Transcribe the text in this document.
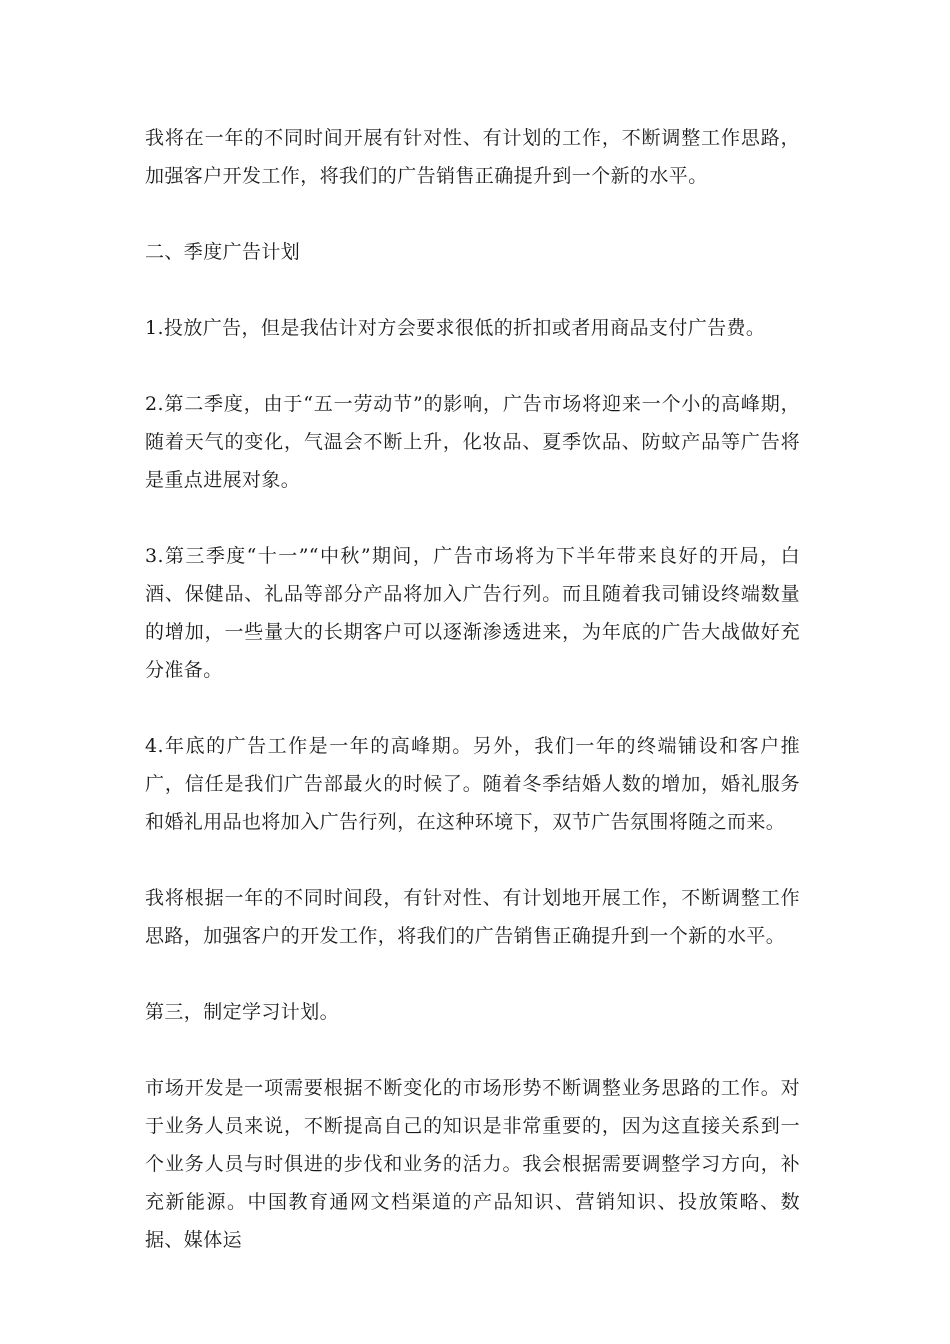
我将在一年的不同时间开展有针对性、有计划的工作，不断调整工作思路，加强客户开发工作，将我们的广告销售正确提升到一个新的水平。

二、季度广告计划

1.投放广告，但是我估计对方会要求很低的折扣或者用商品支付广告费。

2.第二季度，由于“五一劳动节”的影响，广告市场将迎来一个小的高峰期，随着天气的变化，气温会不断上升，化妆品、夏季饮品、防蚊产品等广告将是重点进展对象。

3.第三季度“十一”“中秋”期间，广告市场将为下半年带来良好的开局，白酒、保健品、礼品等部分产品将加入广告行列。而且随着我司铺设终端数量的增加，一些量大的长期客户可以逐渐渗透进来，为年底的广告大战做好充分准备。

4.年底的广告工作是一年的高峰期。另外，我们一年的终端铺设和客户推广，信任是我们广告部最火的时候了。随着冬季结婚人数的增加，婚礼服务和婚礼用品也将加入广告行列，在这种环境下，双节广告氛围将随之而来。

我将根据一年的不同时间段，有针对性、有计划地开展工作，不断调整工作思路，加强客户的开发工作，将我们的广告销售正确提升到一个新的水平。

第三，制定学习计划。

市场开发是一项需要根据不断变化的市场形势不断调整业务思路的工作。对于业务人员来说，不断提高自己的知识是非常重要的，因为这直接关系到一个业务人员与时俱进的步伐和业务的活力。我会根据需要调整学习方向，补充新能源。中国教育通网文档渠道的产品知识、营销知识、投放策略、数据、媒体运
